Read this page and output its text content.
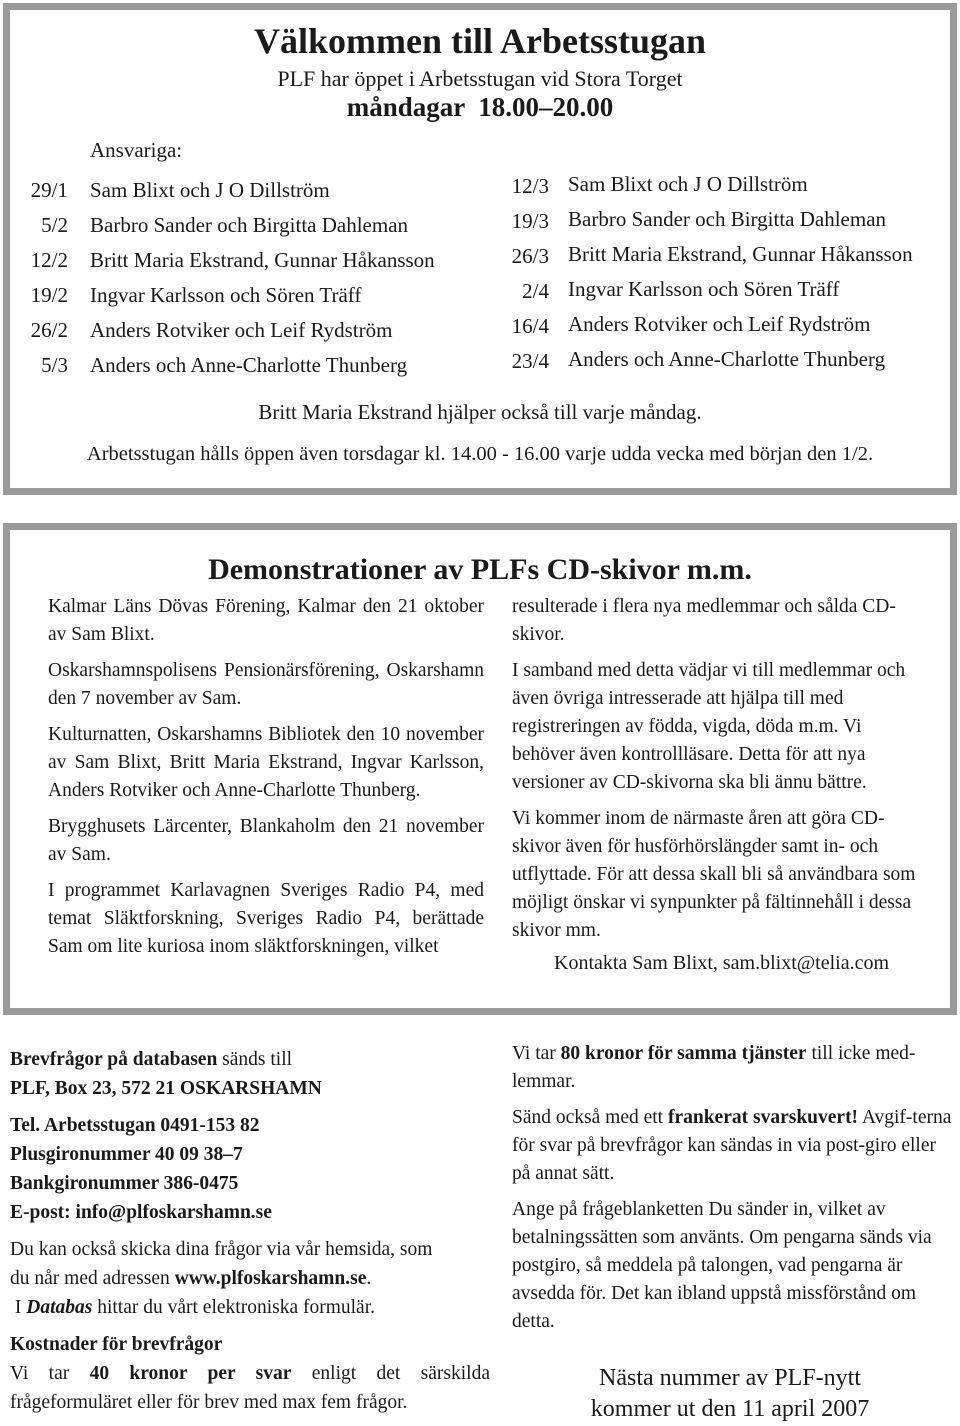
Välkommen till Arbetsstugan
PLF har öppet i Arbetsstugan vid Stora Torget
måndagar  18.00–20.00
Ansvariga:
29/1 Sam Blixt och J O Dillström
5/2 Barbro Sander och Birgitta Dahleman
12/2 Britt Maria Ekstrand, Gunnar Håkansson
19/2 Ingvar Karlsson och Sören Träff
26/2 Anders Rotviker och Leif Rydström
5/3 Anders och Anne-Charlotte Thunberg
12/3 Sam Blixt och J O Dillström
19/3 Barbro Sander och Birgitta Dahleman
26/3 Britt Maria Ekstrand, Gunnar Håkansson
2/4 Ingvar Karlsson och Sören Träff
16/4 Anders Rotviker och Leif Rydström
23/4 Anders och Anne-Charlotte Thunberg
Britt Maria Ekstrand hjälper också till varje måndag.
Arbetsstugan hålls öppen även torsdagar kl. 14.00 - 16.00 varje udda vecka med början den 1/2.
Demonstrationer av PLFs CD-skivor m.m.

Kalmar Läns Dövas Förening, Kalmar den 21 oktober av Sam Blixt.

Oskarshamnspolisens Pensionärsförening, Oskarshamn den 7 november av Sam.

Kulturnatten, Oskarshamns Bibliotek den 10 november av Sam Blixt, Britt Maria Ekstrand, Ingvar Karlsson, Anders Rotviker och Anne-Charlotte Thunberg.

Brygghusets Lärcenter, Blankaholm den 21 november av Sam.

I programmet Karlavagnen Sveriges Radio P4, med temat Släktforskning, Sveriges Radio P4, berättade Sam om lite kuriosa inom släktforskningen, vilket

resulterade i flera nya medlemmar och sålda CD-skivor.

I samband med detta vädjar vi till medlemmar och även övriga intresserade att hjälpa till med registreringen av födda, vigda, döda m.m. Vi behöver även kontrollläsare. Detta för att nya versioner av CD-skivorna ska bli ännu bättre.

Vi kommer inom de närmaste åren att göra CD-skivor även för husförhörslängder samt in- och utflyttade. För att dessa skall bli så användbara som möjligt önskar vi synpunkter på fältinnehåll i dessa skivor mm.

Kontakta Sam Blixt, sam.blixt@telia.com

Brevfrågor på databasen sänds till

PLF, Box 23, 572 21 OSKARSHAMN

Tel. Arbetsstugan 0491-153 82

Plusgironummer 40 09 38–7

Bankgironummer 386-0475

E-post: info@plfoskarshamn.se

Du kan också skicka dina frågor via vår hemsida, som

du når med adressen www.plfoskarshamn.se.

I Databas hittar du vårt elektroniska formulär.

Kostnader för brevfrågor

Vi tar 40 kronor per svar enligt det särskilda

frågeformuläret eller för brev med max fem frågor.

Vi tar 80 kronor för samma tjänster till icke med-lemmar.

Sänd också med ett frankerat svarskuvert! Avgif-terna för svar på brevfrågor kan sändas in via post-giro eller på annat sätt.

Ange på frågeblanketten Du sänder in, vilket av betalningssätten som använts. Om pengarna sänds via postgiro, så meddela på talongen, vad pengarna är avsedda för. Det kan ibland uppstå missförstånd om detta.

Nästa nummer av PLF-nytt
kommer ut den 11 april 2007
